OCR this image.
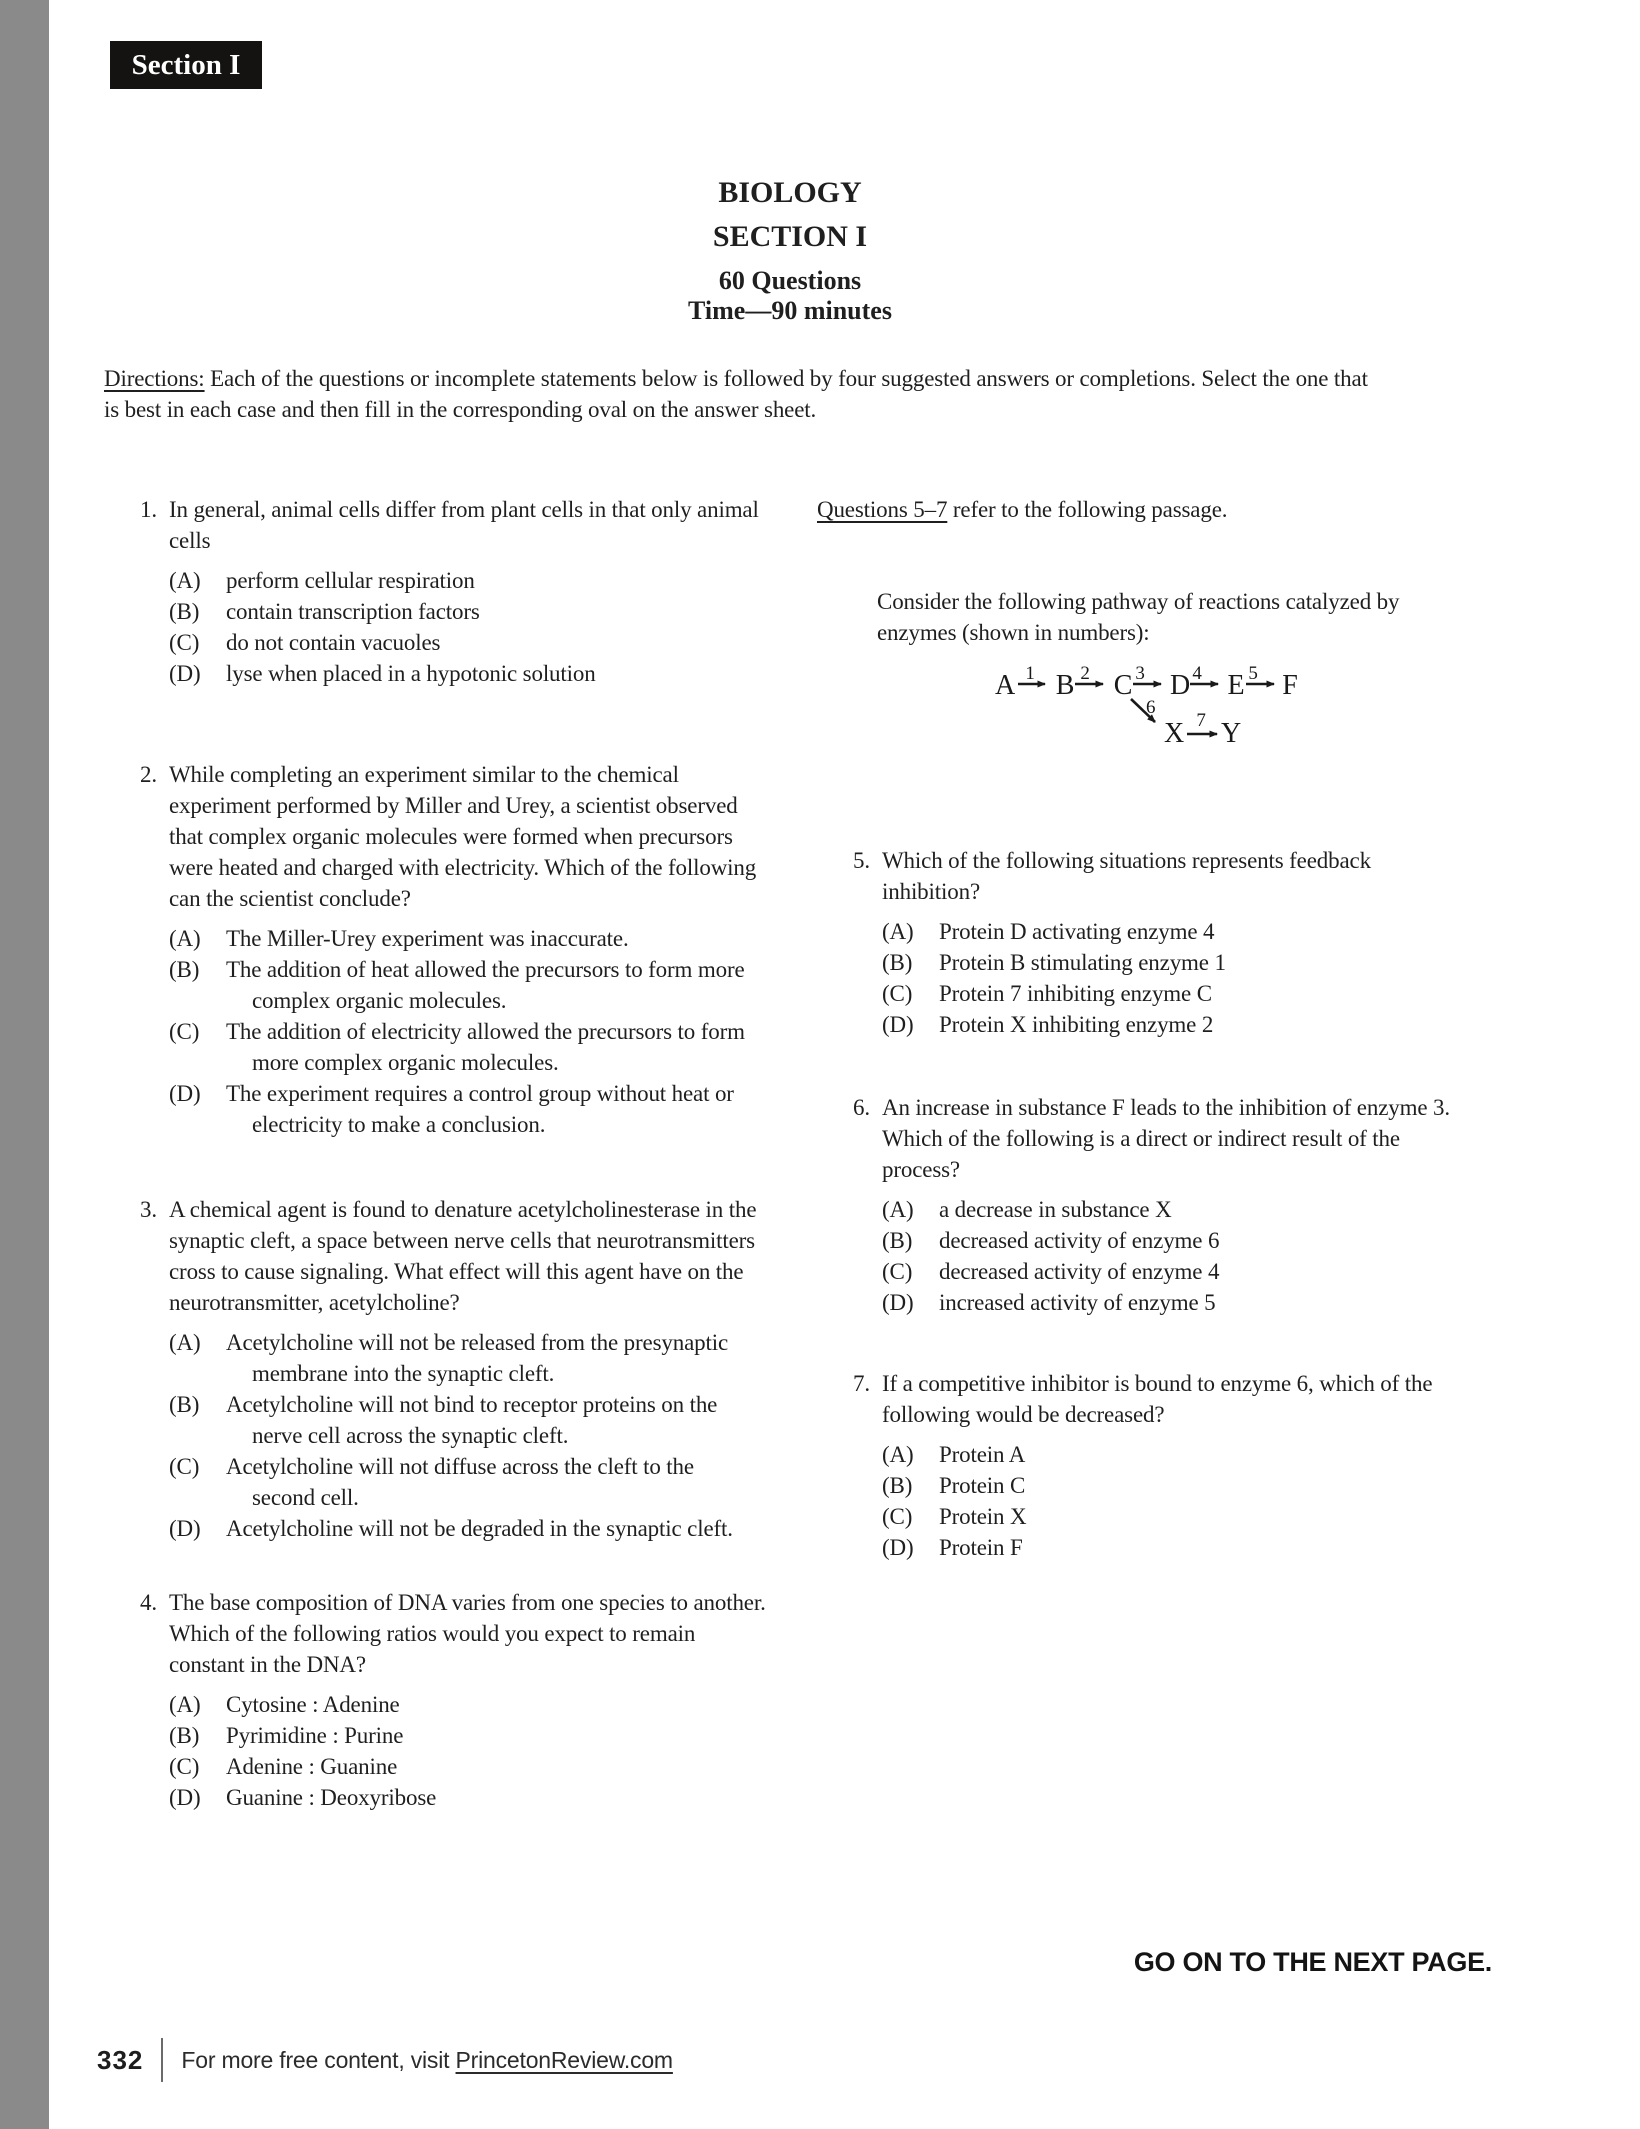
Section I
BIOLOGY
SECTION I
60 Questions
Time—90 minutes
Directions: Each of the questions or incomplete statements below is followed by four suggested answers or completions. Select the one that is best in each case and then fill in the corresponding oval on the answer sheet.
1. In general, animal cells differ from plant cells in that only animal cells
(A)	perform cellular respiration
(B)	contain transcription factors
(C)	do not contain vacuoles
(D)	lyse when placed in a hypotonic solution
2. While completing an experiment similar to the chemical experiment performed by Miller and Urey, a scientist observed that complex organic molecules were formed when precursors were heated and charged with electricity. Which of the following can the scientist conclude?
(A)	The Miller-Urey experiment was inaccurate.
(B)	The addition of heat allowed the precursors to form more complex organic molecules.
(C)	The addition of electricity allowed the precursors to form more complex organic molecules.
(D)	The experiment requires a control group without heat or electricity to make a conclusion.
3. A chemical agent is found to denature acetylcholinesterase in the synaptic cleft, a space between nerve cells that neurotransmitters cross to cause signaling. What effect will this agent have on the neurotransmitter, acetylcholine?
(A)	Acetylcholine will not be released from the presynaptic membrane into the synaptic cleft.
(B)	Acetylcholine will not bind to receptor proteins on the nerve cell across the synaptic cleft.
(C)	Acetylcholine will not diffuse across the cleft to the second cell.
(D)	Acetylcholine will not be degraded in the synaptic cleft.
4. The base composition of DNA varies from one species to another. Which of the following ratios would you expect to remain constant in the DNA?
(A)	Cytosine : Adenine
(B)	Pyrimidine : Purine
(C)	Adenine : Guanine
(D)	Guanine : Deoxyribose
Questions 5–7 refer to the following passage.
Consider the following pathway of reactions catalyzed by enzymes (shown in numbers):
A B C D E F
1 2 3	4 5
6
7
X Y
5. Which of the following situations represents feedback inhibition?
(A)	Protein D activating enzyme 4
(B)	Protein B stimulating enzyme 1
(C)	Protein 7 inhibiting enzyme C
(D)	Protein X inhibiting enzyme 2
6. An increase in substance F leads to the inhibition of enzyme 3. Which of the following is a direct or indirect result of the process?
(A)	a decrease in substance X
(B)	decreased activity of enzyme 6
(C)	decreased activity of enzyme 4
(D)	increased activity of enzyme 5
7. If a competitive inhibitor is bound to enzyme 6, which of the following would be decreased?
(A)	Protein A
(B)	Protein C
(C)	Protein X
(D)	Protein F
GO ON TO THE NEXT PAGE.
332 For more free content, visit PrincetonReview.com
